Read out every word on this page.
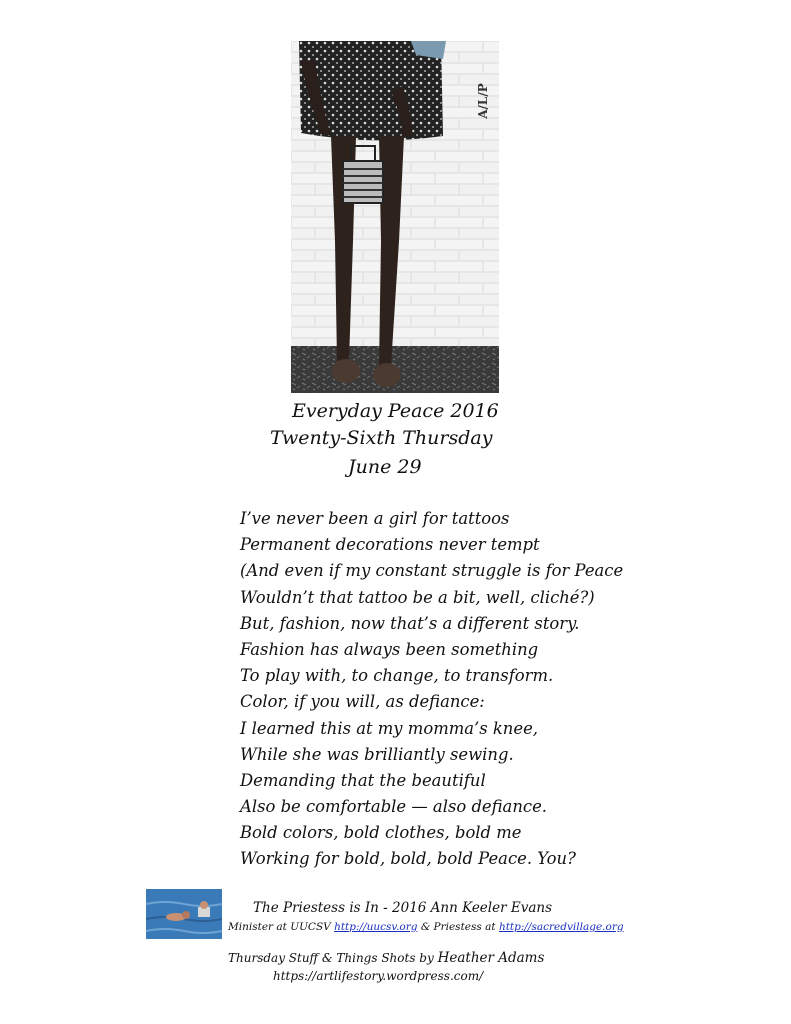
A/L/P
Everyday Peace 2016
Twenty-Sixth Thursday
June 29
I’ve never been a girl for tattoos
Permanent decorations never tempt
(And even if my constant struggle is for Peace
Wouldn’t that tattoo be a bit, well, cliché?)
But, fashion, now that’s a different story.
Fashion has always been something
To play with, to change, to transform.
Color, if you will, as defiance:
I learned this at my momma’s knee,
While she was brilliantly sewing.
Demanding that the beautiful
Also be comfortable — also defiance.
Bold colors, bold clothes, bold me
Working for bold, bold, bold Peace. You?
The Priestess is In - 2016 Ann Keeler Evans
Minister at UUCSV http://uucsv.org & Priestess at http://sacredvillage.org
Thursday Stuff & Things Shots by Heather Adams
https://artlifestory.wordpress.com/
